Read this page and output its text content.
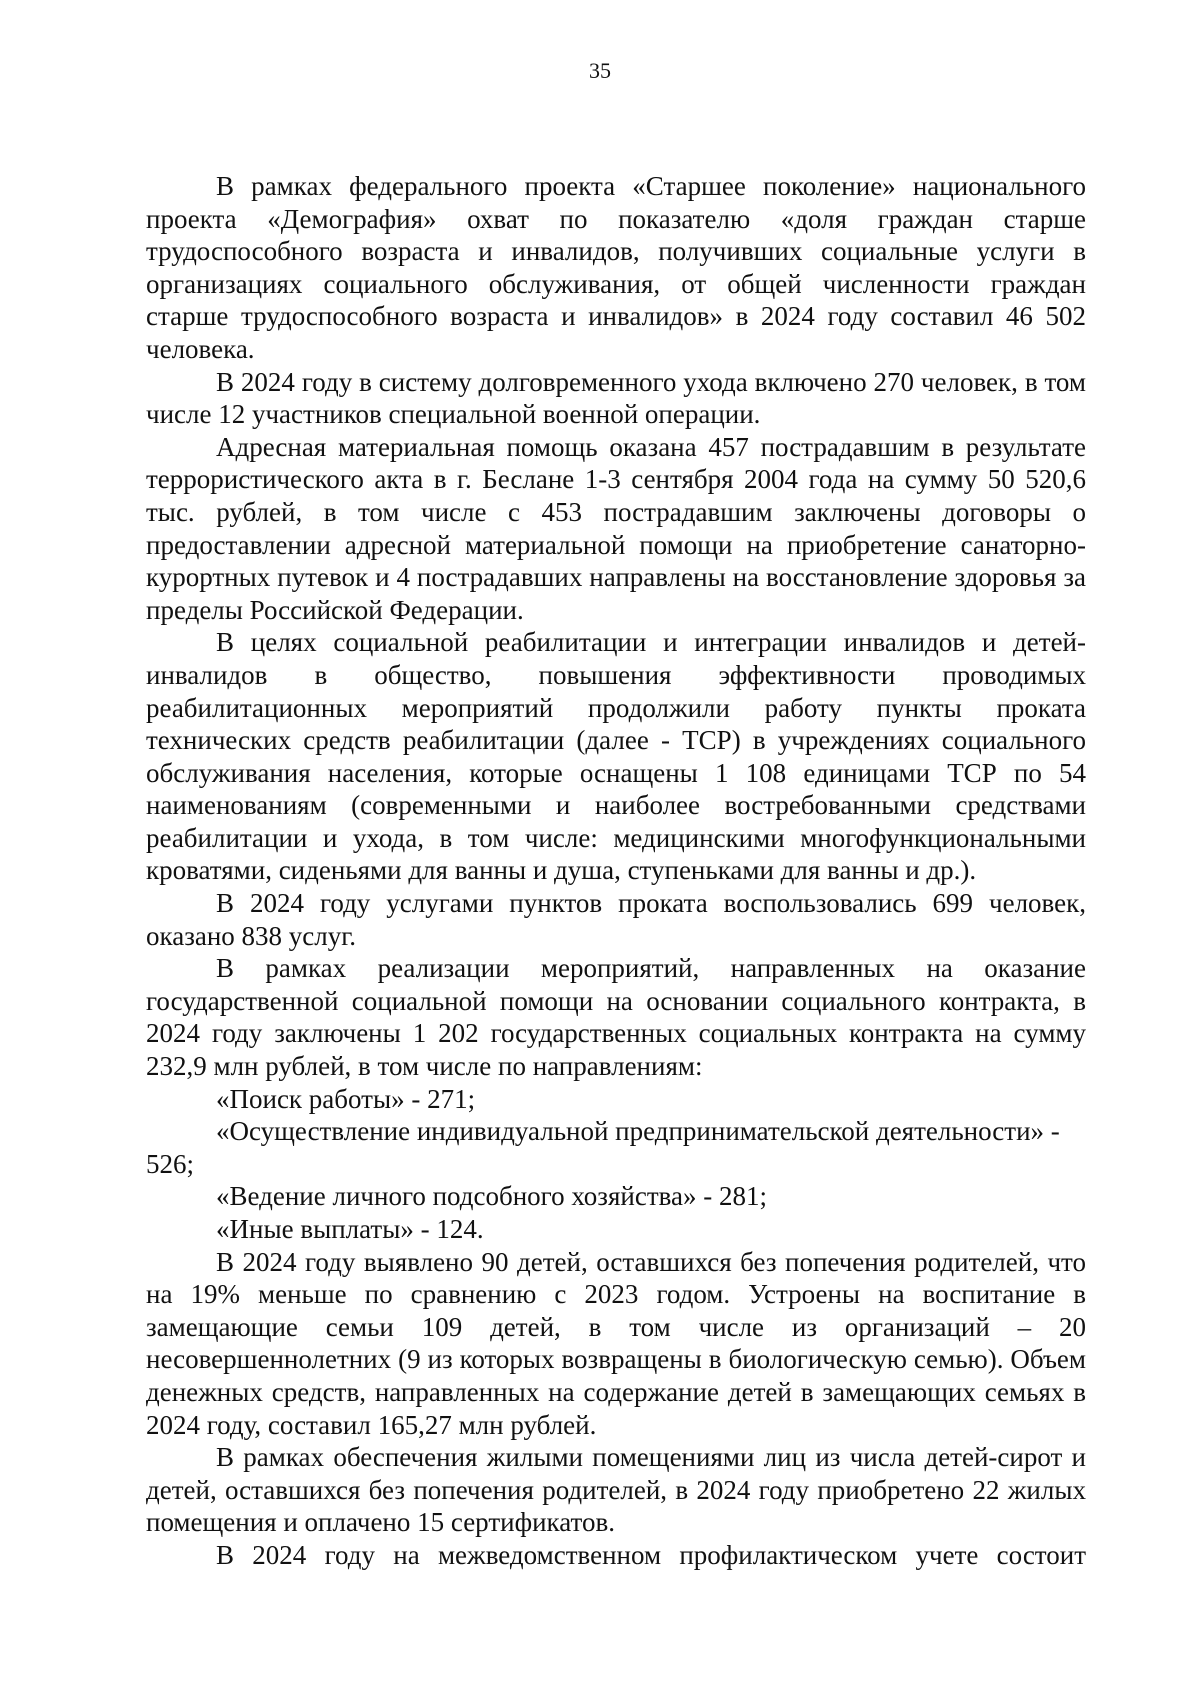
35

В рамках федерального проекта «Старшее поколение» национального проекта «Демография» охват по показателю «доля граждан старше трудоспособного возраста и инвалидов, получивших социальные услуги в организациях социального обслуживания, от общей численности граждан старше трудоспособного возраста и инвалидов» в 2024 году составил 46 502 человека.

В 2024 году в систему долговременного ухода включено 270 человек, в том числе 12 участников специальной военной операции.

Адресная материальная помощь оказана 457 пострадавшим в результате террористического акта в г. Беслане 1-3 сентября 2004 года на сумму 50 520,6 тыс. рублей, в том числе с 453 пострадавшим заключены договоры о предоставлении адресной материальной помощи на приобретение санаторно-курортных путевок и 4 пострадавших направлены на восстановление здоровья за пределы Российской Федерации.

В целях социальной реабилитации и интеграции инвалидов и детей-инвалидов в общество, повышения эффективности проводимых реабилитационных мероприятий продолжили работу пункты проката технических средств реабилитации (далее - ТСР) в учреждениях социального обслуживания населения, которые оснащены 1 108 единицами ТСР по 54 наименованиям (современными и наиболее востребованными средствами реабилитации и ухода, в том числе: медицинскими многофункциональными кроватями, сиденьями для ванны и душа, ступеньками для ванны и др.).

В 2024 году услугами пунктов проката воспользовались 699 человек, оказано 838 услуг.

В рамках реализации мероприятий, направленных на оказание государственной социальной помощи на основании социального контракта, в 2024 году заключены 1 202 государственных социальных контракта на сумму 232,9 млн рублей, в том числе по направлениям:

«Поиск работы» - 271;

«Осуществление индивидуальной предпринимательской деятельности» - 526;

«Ведение личного подсобного хозяйства» - 281;

«Иные выплаты» - 124.

В 2024 году выявлено 90 детей, оставшихся без попечения родителей, что на 19% меньше по сравнению с 2023 годом. Устроены на воспитание в замещающие семьи 109 детей, в том числе из организаций – 20 несовершеннолетних (9 из которых возвращены в биологическую семью). Объем денежных средств, направленных на содержание детей в замещающих семьях в 2024 году, составил 165,27 млн рублей.

В рамках обеспечения жилыми помещениями лиц из числа детей-сирот и детей, оставшихся без попечения родителей, в 2024 году приобретено 22 жилых помещения и оплачено 15 сертификатов.

В 2024 году на межведомственном профилактическом учете состоит
